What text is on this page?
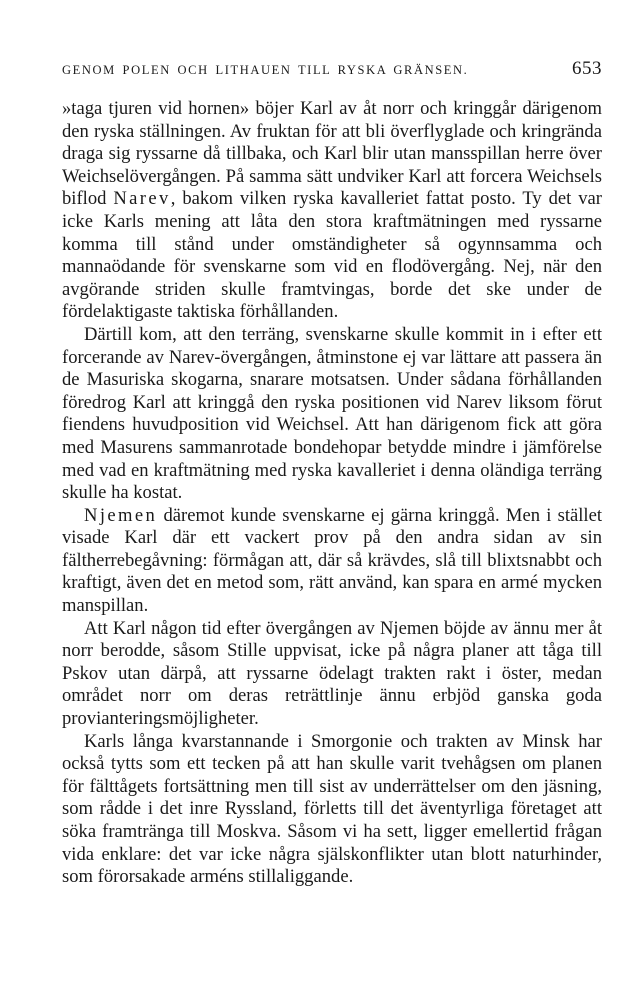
GENOM POLEN OCH LITHAUEN TILL RYSKA GRÄNSEN.	653

»taga tjuren vid hornen» böjer Karl av åt norr och kringgår därigenom den ryska ställningen. Av fruktan för att bli överflyglade och kringrända draga sig ryssarne då tillbaka, och Karl blir utan mansspillan herre över Weichselövergången. På samma sätt undviker Karl att forcera Weichsels biflod Narev, bakom vilken ryska kavalleriet fattat posto. Ty det var icke Karls mening att låta den stora kraftmätningen med ryssarne komma till stånd under omständigheter så ogynnsamma och mannaödande för svenskarne som vid en flodövergång. Nej, när den avgörande striden skulle framtvingas, borde det ske under de fördelaktigaste taktiska förhållanden.

Därtill kom, att den terräng, svenskarne skulle kommit in i efter ett forcerande av Narev-övergången, åtminstone ej var lättare att passera än de Masuriska skogarna, snarare motsatsen. Under sådana förhållanden föredrog Karl att kringgå den ryska positionen vid Narev liksom förut fiendens huvudposition vid Weichsel. Att han därigenom fick att göra med Masurens sammanrotade bondehopar betydde mindre i jämförelse med vad en kraftmätning med ryska kavalleriet i denna oländiga terräng skulle ha kostat.

Njemen däremot kunde svenskarne ej gärna kringgå. Men i stället visade Karl där ett vackert prov på den andra sidan av sin fältherrebegåvning: förmågan att, där så krävdes, slå till blixtsnabbt och kraftigt, även det en metod som, rätt använd, kan spara en armé mycken manspillan.

Att Karl någon tid efter övergången av Njemen böjde av ännu mer åt norr berodde, såsom Stille uppvisat, icke på några planer att tåga till Pskov utan därpå, att ryssarne ödelagt trakten rakt i öster, medan området norr om deras reträttlinje ännu erbjöd ganska goda provianteringsmöjligheter.

Karls långa kvarstannande i Smorgonie och trakten av Minsk har också tytts som ett tecken på att han skulle varit tvehågsen om planen för fälttågets fortsättning men till sist av underrättelser om den jäsning, som rådde i det inre Ryssland, förletts till det äventyrliga företaget att söka framtränga till Moskva. Såsom vi ha sett, ligger emellertid frågan vida enklare: det var icke några själskonflikter utan blott naturhinder, som förorsakade arméns stillaliggande.
